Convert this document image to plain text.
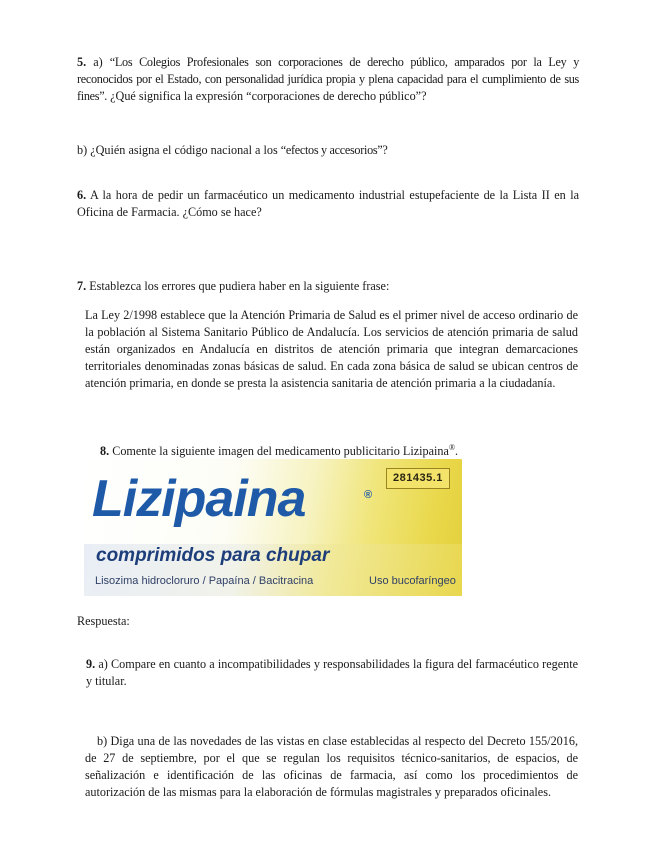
5. a) “Los Colegios Profesionales son corporaciones de derecho público, amparados por la Ley y reconocidos por el Estado, con personalidad jurídica propia y plena capacidad para el cumplimiento de sus fines”. ¿Qué significa la expresión “corporaciones de derecho público”?

b) ¿Quién asigna el código nacional a los “efectos y accesorios”?

6. A la hora de pedir un farmacéutico un medicamento industrial estupefaciente de la Lista II en la Oficina de Farmacia. ¿Cómo se hace?

7. Establezca los errores que pudiera haber en la siguiente frase:

La Ley 2/1998 establece que la Atención Primaria de Salud es el primer nivel de acceso ordinario de la población al Sistema Sanitario Público de Andalucía. Los servicios de atención primaria de salud están organizados en Andalucía en distritos de atención primaria que integran demarcaciones territoriales denominadas zonas básicas de salud. En cada zona básica de salud se ubican centros de atención primaria, en donde se presta la asistencia sanitaria de atención primaria a la ciudadanía.

8. Comente la siguiente imagen del medicamento publicitario Lizipaina®.

Lizipaina	®
281435.1
comprimidos para chupar
Lisozima hidrocloruro / Papaína / Bacitracina	Uso bucofaríngeo

Respuesta:

9. a) Compare en cuanto a incompatibilidades y responsabilidades la figura del farmacéutico regente y titular.

b) Diga una de las novedades de las vistas en clase establecidas al respecto del Decreto 155/2016, de 27 de septiembre, por el que se regulan los requisitos técnico-sanitarios, de espacios, de señalización e identificación de las oficinas de farmacia, así como los procedimientos de autorización de las mismas para la elaboración de fórmulas magistrales y preparados oficinales.
